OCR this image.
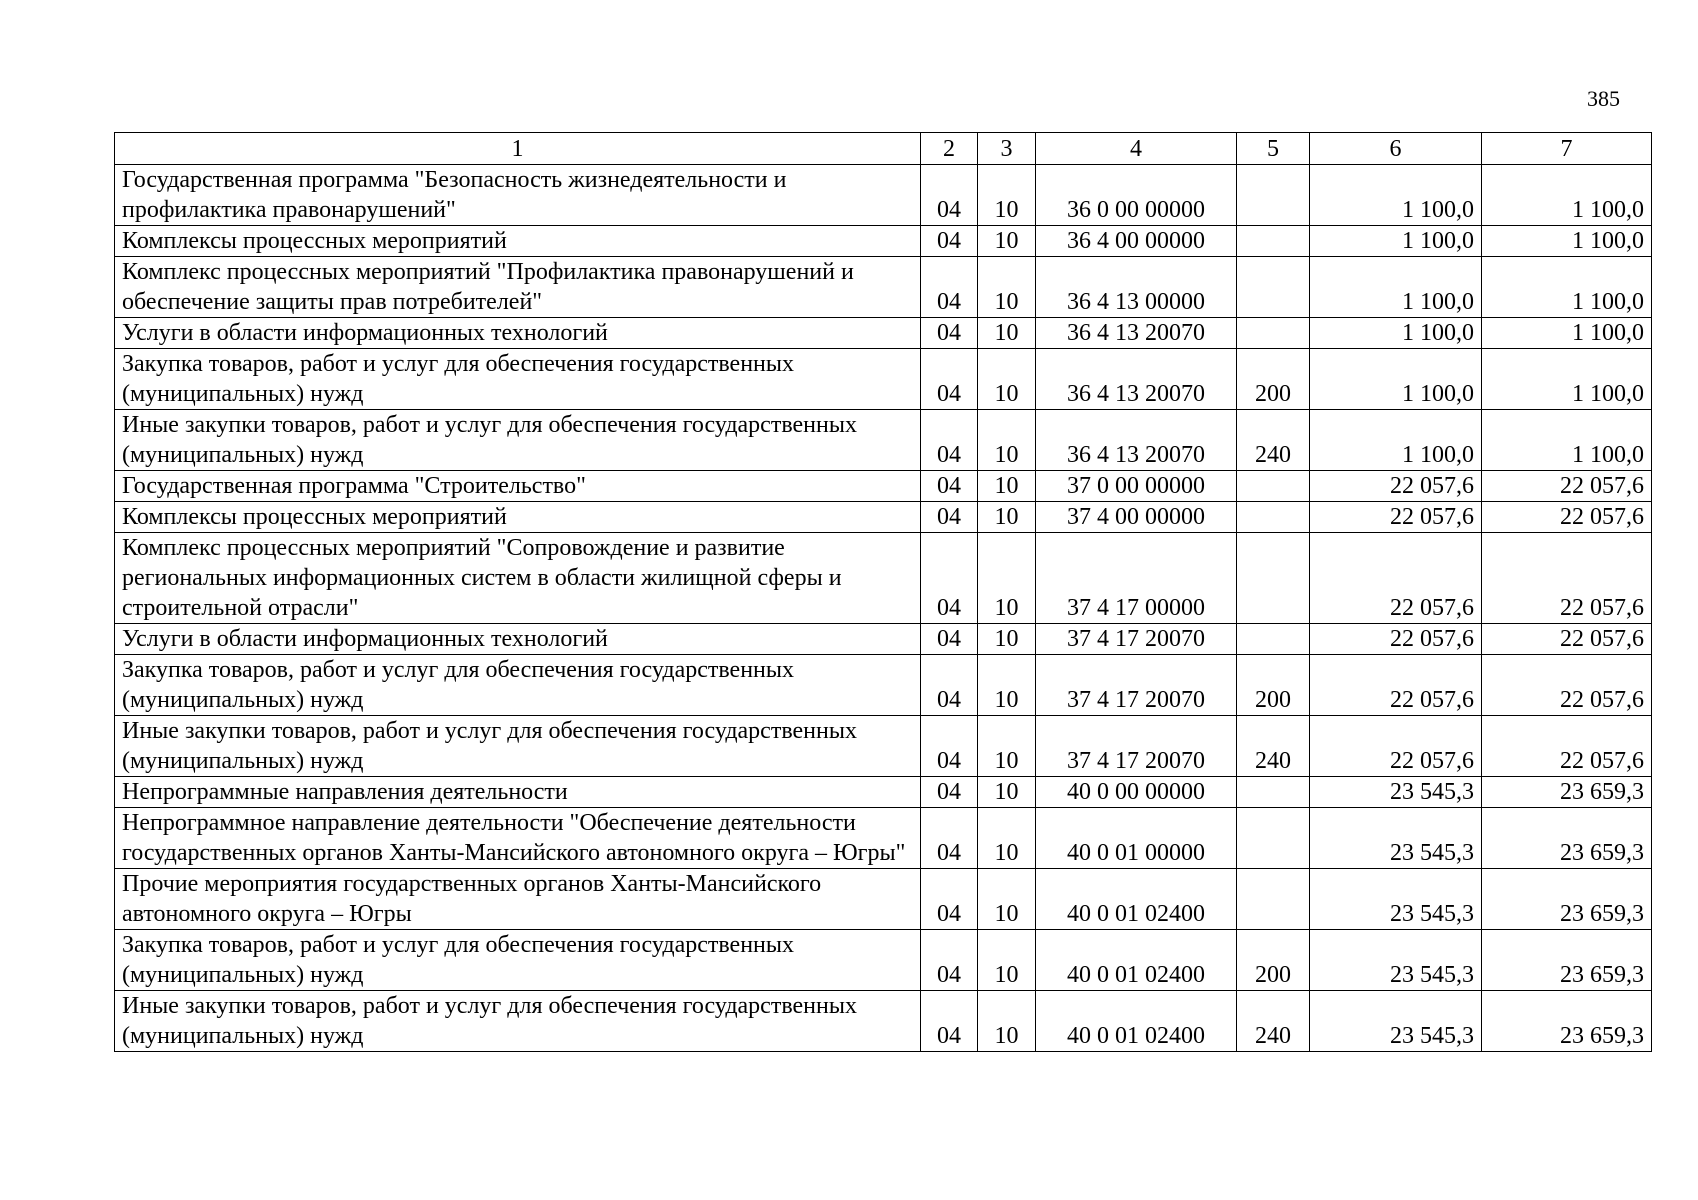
385
1	2	3	4	5	6	7
Государственная программа "Безопасность жизнедеятельности и профилактика правонарушений"	04	10	36 0 00 00000		1 100,0	1 100,0
Комплексы процессных мероприятий	04	10	36 4 00 00000		1 100,0	1 100,0
Комплекс процессных мероприятий "Профилактика правонарушений и обеспечение защиты прав потребителей"	04	10	36 4 13 00000		1 100,0	1 100,0
Услуги в области информационных технологий	04	10	36 4 13 20070		1 100,0	1 100,0
Закупка товаров, работ и услуг для обеспечения государственных (муниципальных) нужд	04	10	36 4 13 20070	200	1 100,0	1 100,0
Иные закупки товаров, работ и услуг для обеспечения государственных (муниципальных) нужд	04	10	36 4 13 20070	240	1 100,0	1 100,0
Государственная программа "Строительство"	04	10	37 0 00 00000		22 057,6	22 057,6
Комплексы процессных мероприятий	04	10	37 4 00 00000		22 057,6	22 057,6
Комплекс процессных мероприятий "Сопровождение и развитие региональных информационных систем в области жилищной сферы и строительной отрасли"	04	10	37 4 17 00000		22 057,6	22 057,6
Услуги в области информационных технологий	04	10	37 4 17 20070		22 057,6	22 057,6
Закупка товаров, работ и услуг для обеспечения государственных (муниципальных) нужд	04	10	37 4 17 20070	200	22 057,6	22 057,6
Иные закупки товаров, работ и услуг для обеспечения государственных (муниципальных) нужд	04	10	37 4 17 20070	240	22 057,6	22 057,6
Непрограммные направления деятельности	04	10	40 0 00 00000		23 545,3	23 659,3
Непрограммное направление деятельности "Обеспечение деятельности государственных органов Ханты-Мансийского автономного округа – Югры"	04	10	40 0 01 00000		23 545,3	23 659,3
Прочие мероприятия государственных органов Ханты-Мансийского автономного округа – Югры	04	10	40 0 01 02400		23 545,3	23 659,3
Закупка товаров, работ и услуг для обеспечения государственных (муниципальных) нужд	04	10	40 0 01 02400	200	23 545,3	23 659,3
Иные закупки товаров, работ и услуг для обеспечения государственных (муниципальных) нужд	04	10	40 0 01 02400	240	23 545,3	23 659,3
